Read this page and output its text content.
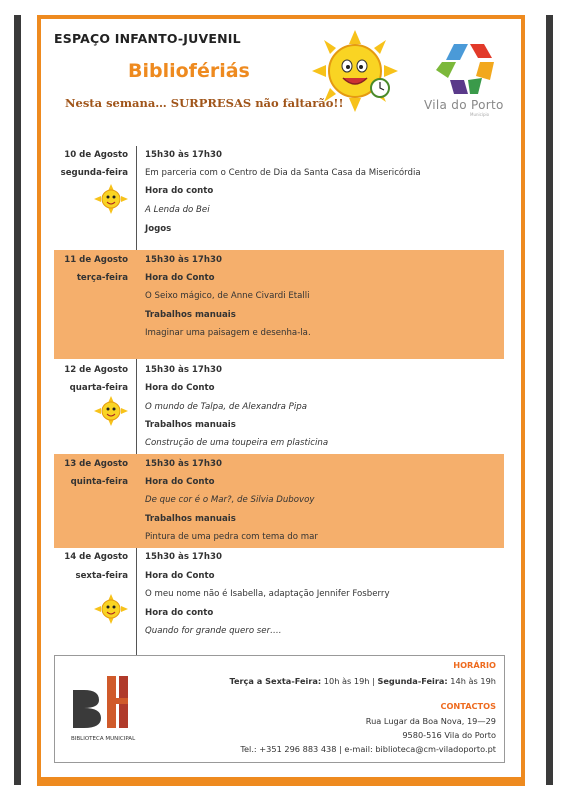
ESPAÇO INFANTO-JUVENIL
Bibliofériás
Nesta semana… SURPRESAS não faltarão!!	Vila do Porto
Município
10 de Agosto
segunda-feira
15h30 às 17h30
Em parceria com o Centro de Dia da Santa Casa da Misericórdia
Hora do conto
A Lenda do Bei
Jogos
11 de Agosto
terça-feira
15h30 às 17h30
Hora do Conto
O Seixo mágico, de Anne Civardi Etalli
Trabalhos manuais
Imaginar uma paisagem e desenha-la.
12 de Agosto
quarta-feira
15h30 às 17h30
Hora do Conto
O mundo de Talpa, de Alexandra Pipa
Trabalhos manuais
Construção de uma toupeira em plasticina
13 de Agosto
quinta-feira
15h30 às 17h30
Hora do Conto
De que cor é o Mar?, de Silvia Dubovoy
Trabalhos manuais
Pintura de uma pedra com tema do mar
14 de Agosto
sexta-feira
15h30 às 17h30
Hora do Conto
O meu nome não é Isabella, adaptação Jennifer Fosberry
Hora do conto
Quando for grande quero ser….
BIBLIOTECA MUNICIPAL
HORÁRIO
Terça a Sexta-Feira: 10h às 19h | Segunda-Feira: 14h às 19h
CONTACTOS
Rua Lugar da Boa Nova, 19—29
9580-516 Vila do Porto
Tel.: +351 296 883 438 | e-mail: biblioteca@cm-viladoporto.pt
